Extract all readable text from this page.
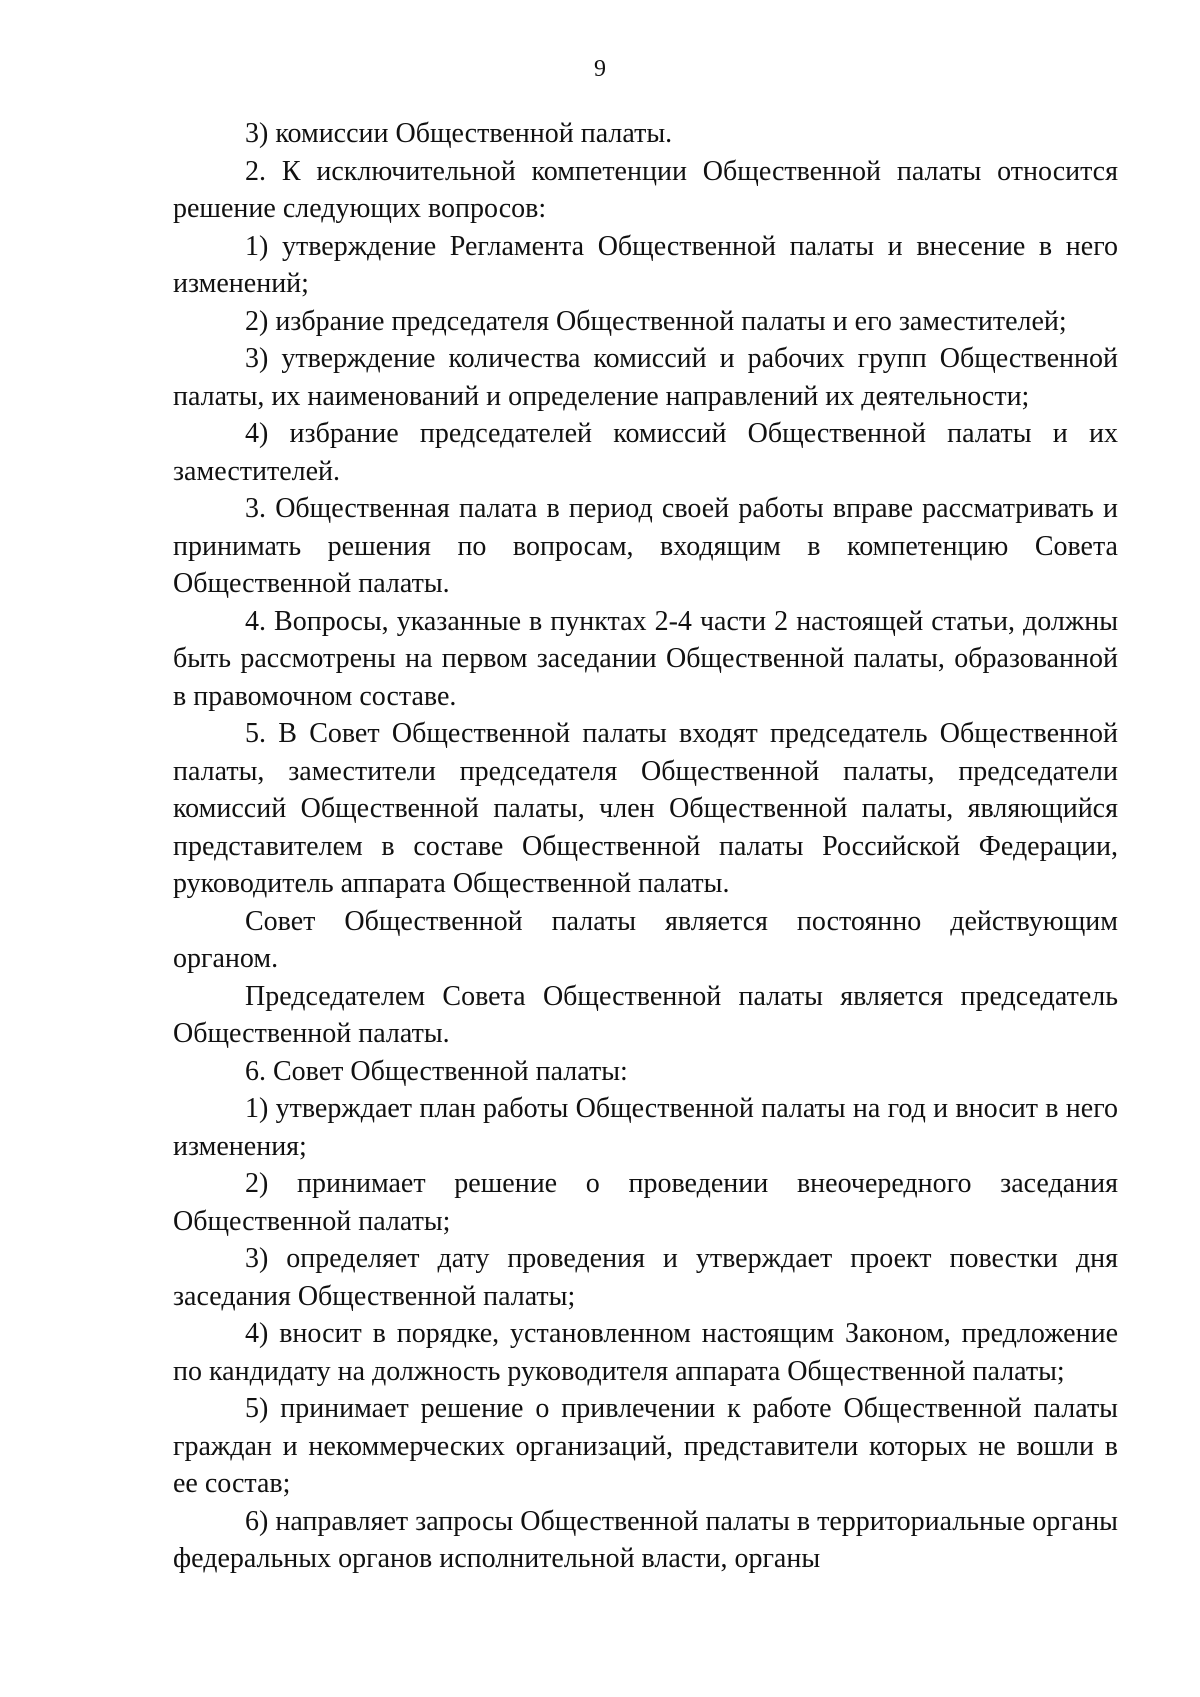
9

3) комиссии Общественной палаты.

2. К исключительной компетенции Общественной палаты относится решение следующих вопросов:

1) утверждение Регламента Общественной палаты и внесение в него изменений;

2) избрание председателя Общественной палаты и его заместителей;

3) утверждение количества комиссий и рабочих групп Общественной палаты, их наименований и определение направлений их деятельности;

4) избрание председателей комиссий Общественной палаты и их заместителей.

3. Общественная палата в период своей работы вправе рассматривать и принимать решения по вопросам, входящим в компетенцию Совета Общественной палаты.

4. Вопросы, указанные в пунктах 2-4 части 2 настоящей статьи, должны быть рассмотрены на первом заседании Общественной палаты, образованной в правомочном составе.

5. В Совет Общественной палаты входят председатель Общественной палаты, заместители председателя Общественной палаты, председатели комиссий Общественной палаты, член Общественной палаты, являющийся представителем в составе Общественной палаты Российской Федерации, руководитель аппарата Общественной палаты.

Совет Общественной палаты является постоянно действующим органом.

Председателем Совета Общественной палаты является председатель Общественной палаты.

6. Совет Общественной палаты:

1) утверждает план работы Общественной палаты на год и вносит в него изменения;

2) принимает решение о проведении внеочередного заседания Общественной палаты;

3) определяет дату проведения и утверждает проект повестки дня заседания Общественной палаты;

4) вносит в порядке, установленном настоящим Законом, предложение по кандидату на должность руководителя аппарата Общественной палаты;

5) принимает решение о привлечении к работе Общественной палаты граждан и некоммерческих организаций, представители которых не вошли в ее состав;

6) направляет запросы Общественной палаты в территориальные органы федеральных органов исполнительной власти, органы
